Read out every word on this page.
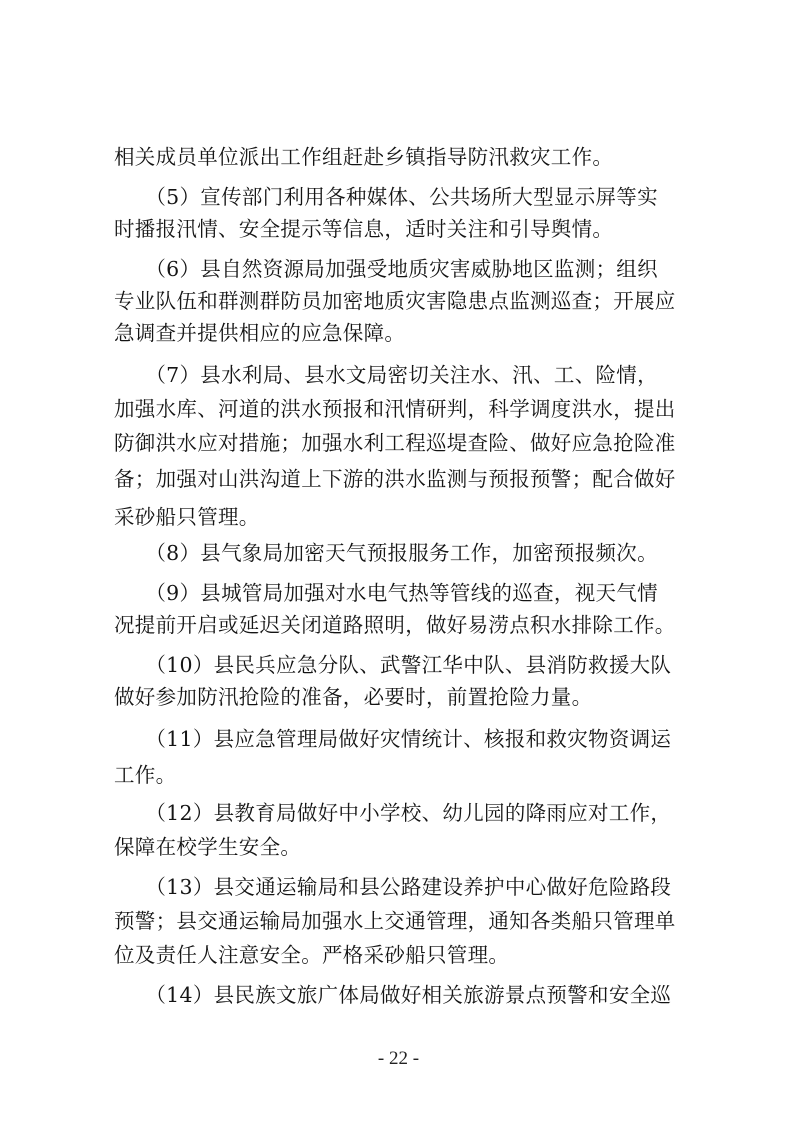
相关成员单位派出工作组赶赴乡镇指导防汛救灾工作。
　　（5）宣传部门利用各种媒体、公共场所大型显示屏等实
时播报汛情、安全提示等信息，适时关注和引导舆情。
　　（6）县自然资源局加强受地质灾害威胁地区监测；组织
专业队伍和群测群防员加密地质灾害隐患点监测巡查；开展应
急调查并提供相应的应急保障。
　　（7）县水利局、县水文局密切关注水、汛、工、险情，
加强水库、河道的洪水预报和汛情研判，科学调度洪水，提出
防御洪水应对措施；加强水利工程巡堤查险、做好应急抢险准
备；加强对山洪沟道上下游的洪水监测与预报预警；配合做好
采砂船只管理。
　　（8）县气象局加密天气预报服务工作，加密预报频次。
　　（9）县城管局加强对水电气热等管线的巡查，视天气情
况提前开启或延迟关闭道路照明，做好易涝点积水排除工作。
　　（10）县民兵应急分队、武警江华中队、县消防救援大队
做好参加防汛抢险的准备，必要时，前置抢险力量。
　　（11）县应急管理局做好灾情统计、核报和救灾物资调运
工作。
　　（12）县教育局做好中小学校、幼儿园的降雨应对工作，
保障在校学生安全。
　　（13）县交通运输局和县公路建设养护中心做好危险路段
预警；县交通运输局加强水上交通管理，通知各类船只管理单
位及责任人注意安全。严格采砂船只管理。
　　（14）县民族文旅广体局做好相关旅游景点预警和安全巡
- 22 -
